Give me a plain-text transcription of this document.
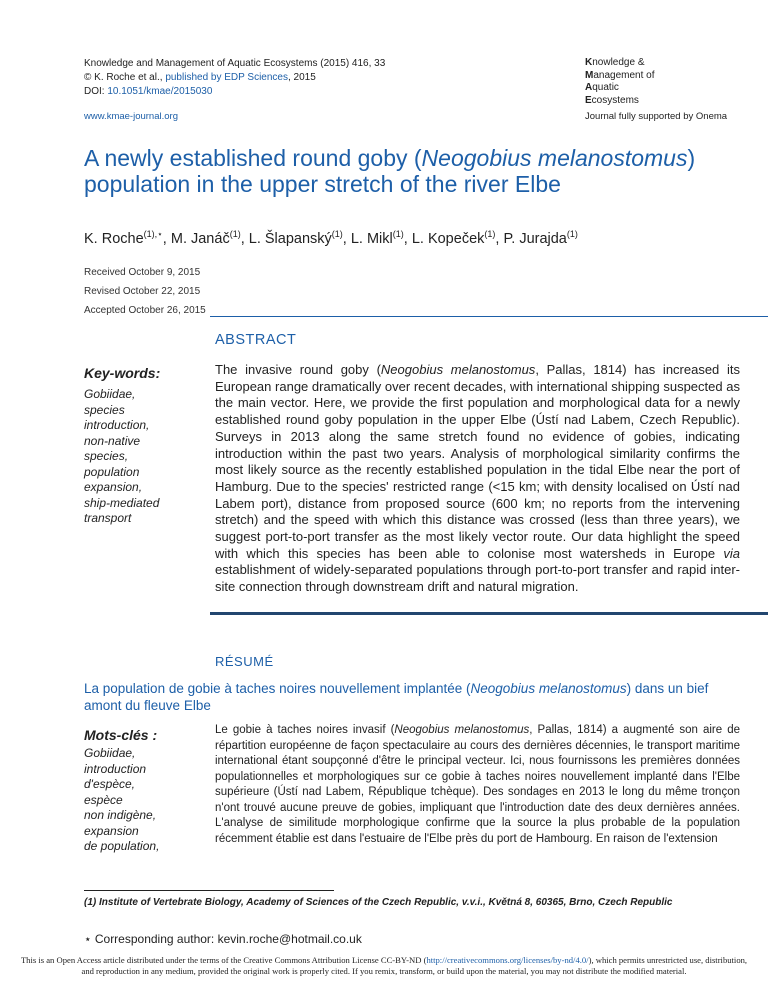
Knowledge and Management of Aquatic Ecosystems (2015) 416, 33
© K. Roche et al., published by EDP Sciences, 2015
DOI: 10.1051/kmae/2015030
Knowledge &
Management of
Aquatic
Ecosystems
www.kmae-journal.org	Journal fully supported by Onema
A newly established round goby (Neogobius melanostomus) population in the upper stretch of the river Elbe
K. Roche$^{(1),⋆}$, M. Janáč$^{(1)}$, L. Šlapanský$^{(1)}$, L. Mikl$^{(1)}$, L. Kopeček$^{(1)}$, P. Jurajda$^{(1)}$
Received October 9, 2015
Revised October 22, 2015
Accepted October 26, 2015
ABSTRACT
Key-words:
Gobiidae,
species
introduction,
non-native
species,
population
expansion,
ship-mediated
transport
The invasive round goby (Neogobius melanostomus, Pallas, 1814) has increased its European range dramatically over recent decades, with international shipping suspected as the main vector. Here, we provide the first population and morphological data for a newly established round goby population in the upper Elbe (Ústí nad Labem, Czech Republic). Surveys in 2013 along the same stretch found no evidence of gobies, indicating introduction within the past two years. Analysis of morphological similarity confirms the most likely source as the recently established population in the tidal Elbe near the port of Hamburg. Due to the species' restricted range (<15 km; with density localised on Ústí nad Labem port), distance from proposed source (600 km; no reports from the intervening stretch) and the speed with which this distance was crossed (less than three years), we suggest port-to-port transfer as the most likely vector route. Our data highlight the speed with which this species has been able to colonise most watersheds in Europe via establishment of widely-separated populations through port-to-port transfer and rapid inter-site connection through downstream drift and natural migration.
RÉSUMÉ
La population de gobie à taches noires nouvellement implantée (Neogobius melanostomus) dans un bief amont du fleuve Elbe
Mots-clés :
Gobiidae,
introduction
d'espèce,
espèce
non indigène,
expansion
de population,
Le gobie à taches noires invasif (Neogobius melanostomus, Pallas, 1814) a augmenté son aire de répartition européenne de façon spectaculaire au cours des dernières décennies, le transport maritime international étant soupçonné d'être le principal vecteur. Ici, nous fournissons les premières données populationnelles et morphologiques sur ce gobie à taches noires nouvellement implanté dans l'Elbe supérieure (Ústí nad Labem, République tchèque). Des sondages en 2013 le long du même tronçon n'ont trouvé aucune preuve de gobies, impliquant que l'introduction date des deux dernières années. L'analyse de similitude morphologique confirme que la source la plus probable de la population récemment établie est dans l'estuaire de l'Elbe près du port de Hambourg. En raison de l'extension
(1) Institute of Vertebrate Biology, Academy of Sciences of the Czech Republic, v.v.i., Květná 8, 60365, Brno, Czech Republic
⋆ Corresponding author: kevin.roche@hotmail.co.uk
This is an Open Access article distributed under the terms of the Creative Commons Attribution License CC-BY-ND (http://creativecommons.org/licenses/by-nd/4.0/), which permits unrestricted use, distribution, and reproduction in any medium, provided the original work is properly cited. If you remix, transform, or build upon the material, you may not distribute the modified material.
